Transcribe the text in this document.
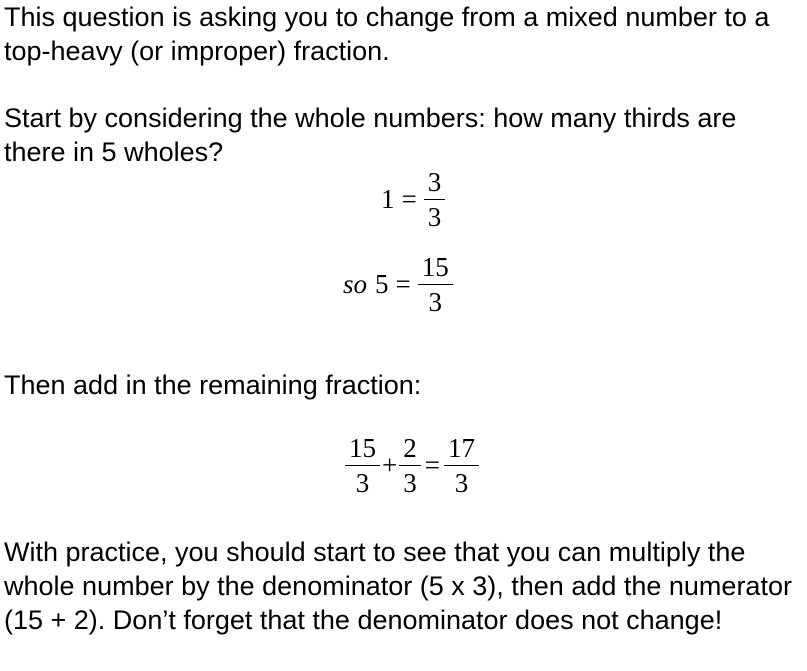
This question is asking you to change from a mixed number to a top-heavy (or improper) fraction.

Start by considering the whole numbers: how many thirds are there in 5 wholes?

$1 = \frac{3}{3}$
so $5 = \frac{15}{3}$

Then add in the remaining fraction:

$\frac{15}{3} + \frac{2}{3} = \frac{17}{3}$

With practice, you should start to see that you can multiply the whole number by the denominator (5 x 3), then add the numerator (15 + 2). Don’t forget that the denominator does not change!
